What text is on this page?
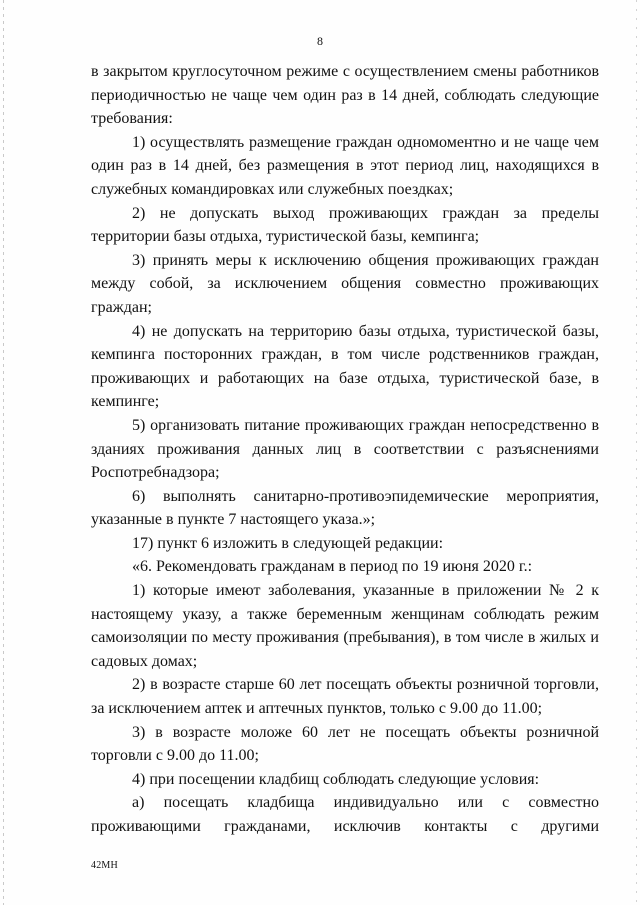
8

в закрытом круглосуточном режиме с осуществлением смены работников периодичностью не чаще чем один раз в 14 дней, соблюдать следующие требования:

1) осуществлять размещение граждан одномоментно и не чаще чем один раз в 14 дней, без размещения в этот период лиц, находящихся в служебных командировках или служебных поездках;

2) не допускать выход проживающих граждан за пределы территории базы отдыха, туристической базы, кемпинга;

3) принять меры к исключению общения проживающих граждан между собой, за исключением общения совместно проживающих граждан;

4) не допускать на территорию базы отдыха, туристической базы, кемпинга посторонних граждан, в том числе родственников граждан, проживающих и работающих на базе отдыха, туристической базе, в кемпинге;

5) организовать питание проживающих граждан непосредственно в зданиях проживания данных лиц в соответствии с разъяснениями Роспотребнадзора;

6) выполнять санитарно-противоэпидемические мероприятия, указанные в пункте 7 настоящего указа.»;

17) пункт 6 изложить в следующей редакции:

«6. Рекомендовать гражданам в период по 19 июня 2020 г.:

1) которые имеют заболевания, указанные в приложении № 2 к настоящему указу, а также беременным женщинам соблюдать режим самоизоляции по месту проживания (пребывания), в том числе в жилых и садовых домах;

2) в возрасте старше 60 лет посещать объекты розничной торговли, за исключением аптек и аптечных пунктов, только с 9.00 до 11.00;

3) в возрасте моложе 60 лет не посещать объекты розничной торговли с 9.00 до 11.00;

4) при посещении кладбищ соблюдать следующие условия:

а) посещать кладбища индивидуально или с совместно проживающими гражданами, исключив контакты с другими

42МН
